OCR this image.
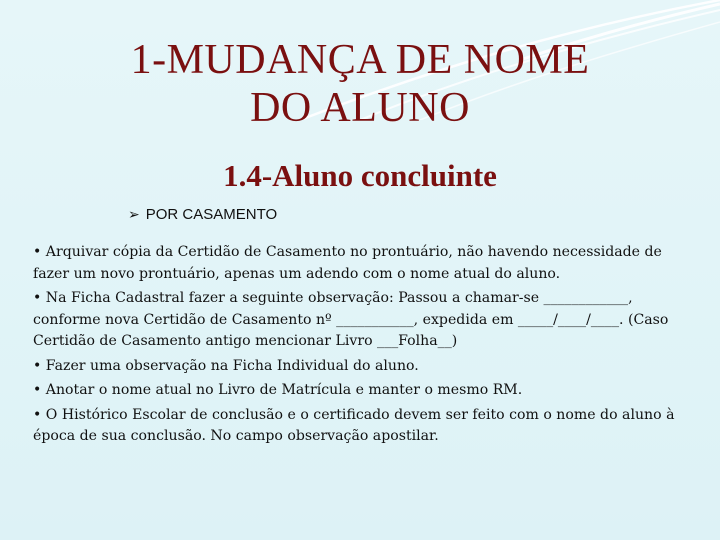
1-MUDANÇA DE NOME
DO ALUNO
1.4-Aluno concluinte
➢ POR CASAMENTO

• Arquivar cópia da Certidão de Casamento no prontuário, não havendo necessidade de fazer um novo prontuário, apenas um adendo com o nome atual do aluno.

• Na Ficha Cadastral fazer a seguinte observação: Passou a chamar-se ____________, conforme nova Certidão de Casamento nº ___________, expedida em _____/____/____. (Caso Certidão de Casamento antigo mencionar Livro ___Folha__)

• Fazer uma observação na Ficha Individual do aluno.

• Anotar o nome atual no Livro de Matrícula e manter o mesmo RM.

• O Histórico Escolar de conclusão e o certificado devem ser feito com o nome do aluno à época de sua conclusão. No campo observação apostilar.
